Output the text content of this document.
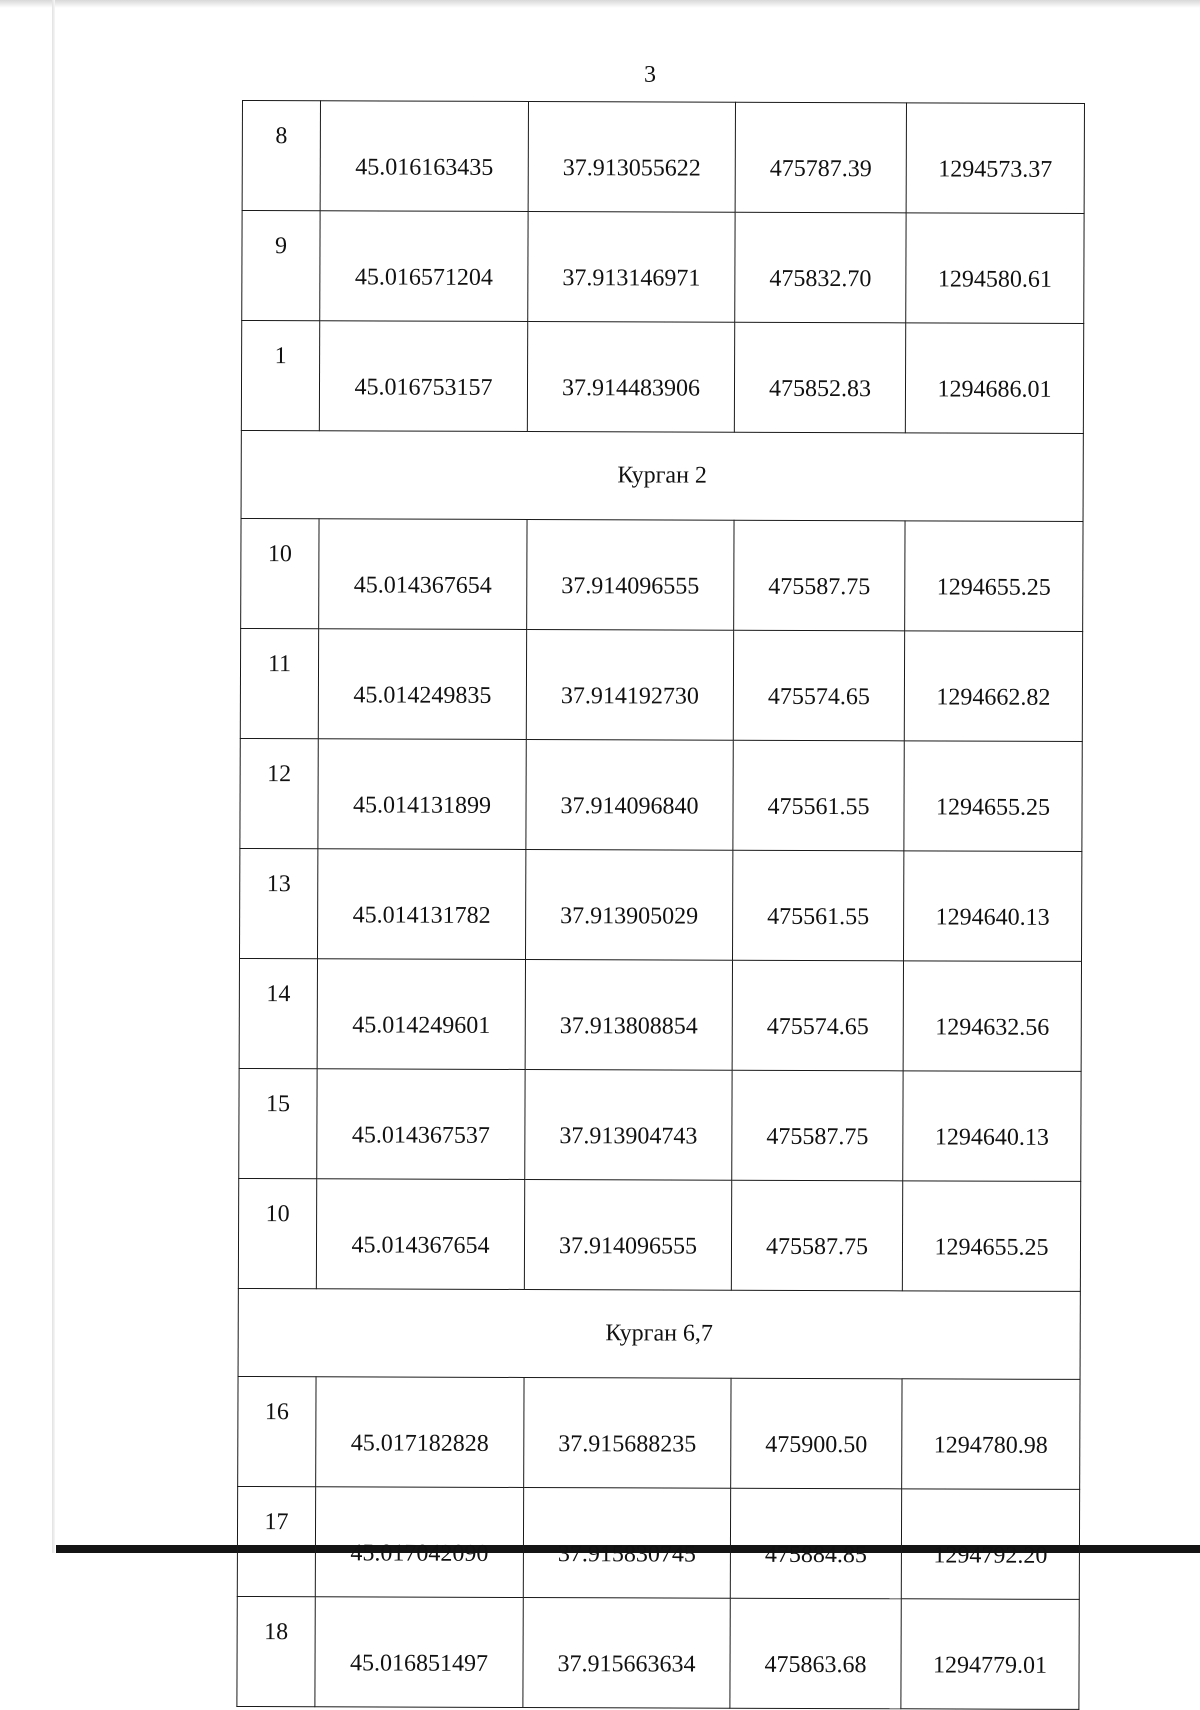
3
8	45.016163435	37.913055622	475787.39	1294573.37
9	45.016571204	37.913146971	475832.70	1294580.61
1	45.016753157	37.914483906	475852.83	1294686.01
Курган 2				
10	45.014367654	37.914096555	475587.75	1294655.25
11	45.014249835	37.914192730	475574.65	1294662.82
12	45.014131899	37.914096840	475561.55	1294655.25
13	45.014131782	37.913905029	475561.55	1294640.13
14	45.014249601	37.913808854	475574.65	1294632.56
15	45.014367537	37.913904743	475587.75	1294640.13
10	45.014367654	37.914096555	475587.75	1294655.25
Курган 6,7				
16	45.017182828	37.915688235	475900.50	1294780.98
17	45.017042090	37.915830745	475884.85	1294792.20
18	45.016851497	37.915663634	475863.68	1294779.01
